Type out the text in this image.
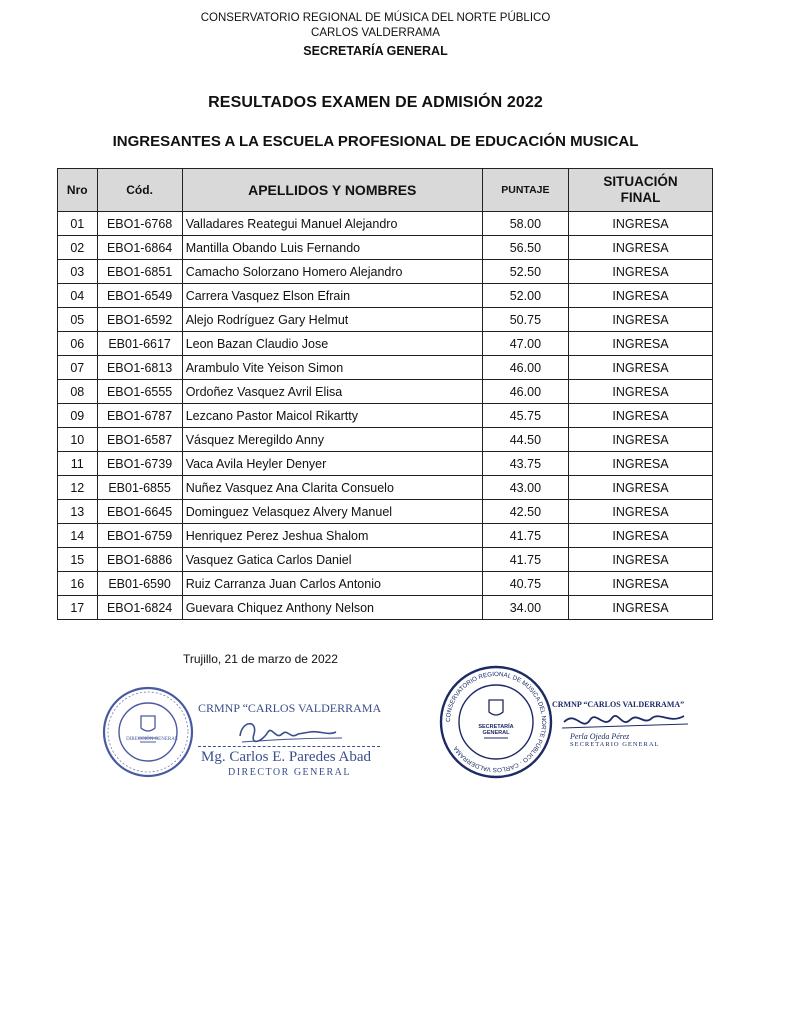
CONSERVATORIO REGIONAL DE MÚSICA DEL NORTE PÚBLICO
CARLOS VALDERRAMA
SECRETARÍA GENERAL
RESULTADOS EXAMEN DE ADMISIÓN 2022
INGRESANTES A LA ESCUELA PROFESIONAL DE EDUCACIÓN MUSICAL
Nro	Cód.	APELLIDOS Y NOMBRES	PUNTAJE	SITUACIÓN
FINAL

01	EBO1-6768	Valladares Reategui Manuel Alejandro	58.00	INGRESA
02	EBO1-6864	Mantilla Obando Luis Fernando	56.50	INGRESA
03	EBO1-6851	Camacho Solorzano Homero Alejandro	52.50	INGRESA
04	EBO1-6549	Carrera Vasquez Elson Efrain	52.00	INGRESA
05	EBO1-6592	Alejo Rodríguez Gary Helmut	50.75	INGRESA
06	EB01-6617	Leon Bazan Claudio Jose	47.00	INGRESA
07	EBO1-6813	Arambulo Vite Yeison Simon	46.00	INGRESA
08	EBO1-6555	Ordoñez Vasquez Avril Elisa	46.00	INGRESA
09	EBO1-6787	Lezcano Pastor Maicol Rikartty	45.75	INGRESA
10	EBO1-6587	Vásquez Meregildo Anny	44.50	INGRESA
11	EBO1-6739	Vaca Avila Heyler Denyer	43.75	INGRESA
12	EB01-6855	Nuñez Vasquez Ana Clarita Consuelo	43.00	INGRESA
13	EBO1-6645	Dominguez Velasquez Alvery Manuel	42.50	INGRESA
14	EBO1-6759	Henriquez Perez Jeshua Shalom	41.75	INGRESA
15	EBO1-6886	Vasquez Gatica Carlos Daniel	41.75	INGRESA
16	EB01-6590	Ruiz Carranza Juan Carlos Antonio	40.75	INGRESA
17	EBO1-6824	Guevara Chiquez Anthony Nelson	34.00	INGRESA
Trujillo, 21 de marzo de 2022
DIRECCIÓN GENERAL
CRMNP “CARLOS VALDERRAMA
Mg. Carlos E. Paredes Abad
DIRECTOR GENERAL
CONSERVATORIO REGIONAL DE MÚSICA DEL NORTE PÚBLICO · CARLOS VALDERRAMA
SECRETARÍA GENERAL
CRMNP “CARLOS VALDERRAMA”
Perla Ojeda Pérez
SECRETARIO GENERAL
